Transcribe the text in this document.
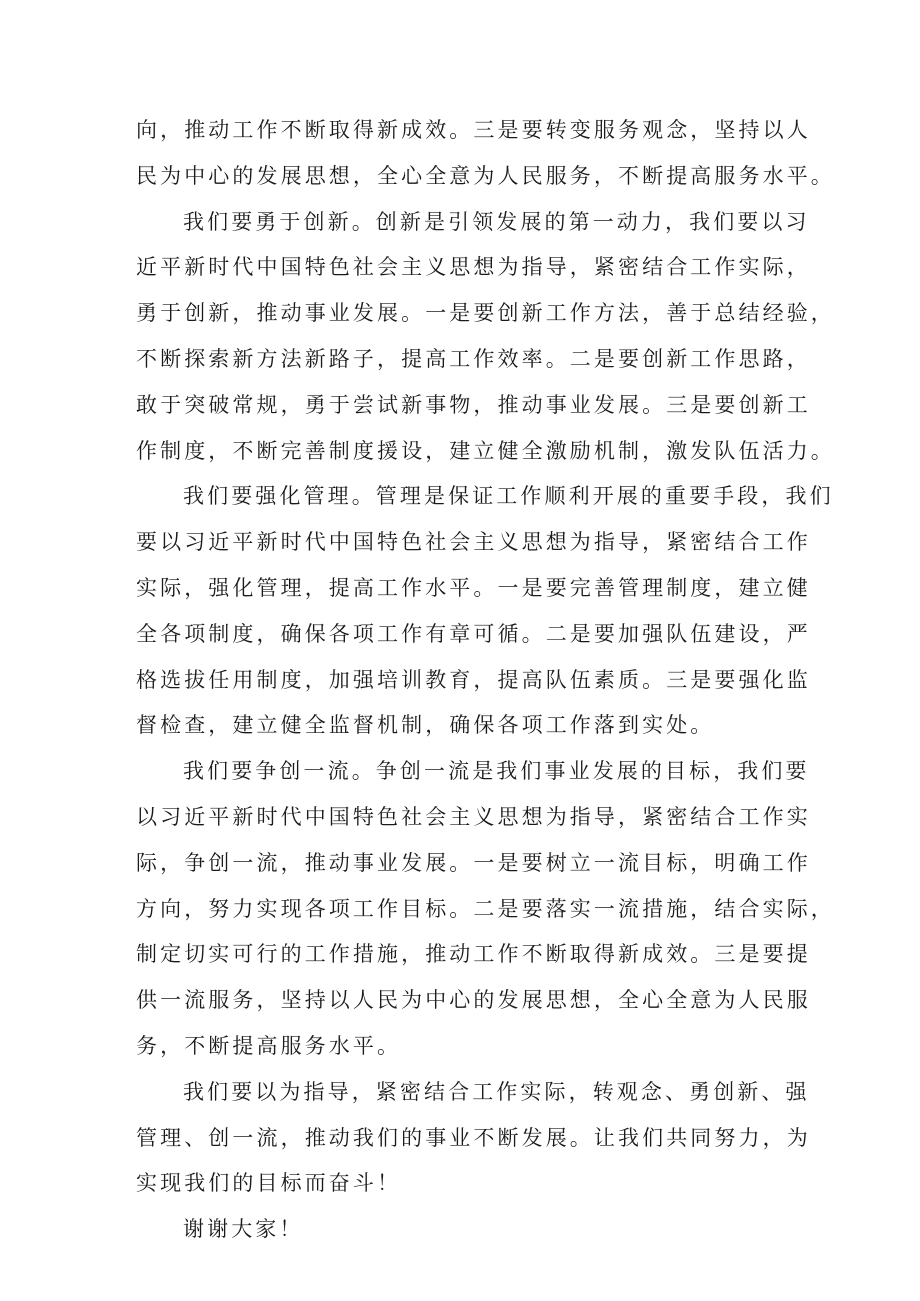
向，推动工作不断取得新成效。三是要转变服务观念，坚持以人
民为中心的发展思想，全心全意为人民服务，不断提高服务水平。
我们要勇于创新。创新是引领发展的第一动力，我们要以习
近平新时代中国特色社会主义思想为指导，紧密结合工作实际，
勇于创新，推动事业发展。一是要创新工作方法，善于总结经验，
不断探索新方法新路子，提高工作效率。二是要创新工作思路，
敢于突破常规，勇于尝试新事物，推动事业发展。三是要创新工
作制度，不断完善制度援设，建立健全激励机制，激发队伍活力。
我们要强化管理。管理是保证工作顺利开展的重要手段，我们
要以习近平新时代中国特色社会主义思想为指导，紧密结合工作
实际，强化管理，提高工作水平。一是要完善管理制度，建立健
全各项制度，确保各项工作有章可循。二是要加强队伍建设，严
格选拔任用制度，加强培训教育，提高队伍素质。三是要强化监
督检查，建立健全监督机制，确保各项工作落到实处。
我们要争创一流。争创一流是我们事业发展的目标，我们要
以习近平新时代中国特色社会主义思想为指导，紧密结合工作实
际，争创一流，推动事业发展。一是要树立一流目标，明确工作
方向，努力实现各项工作目标。二是要落实一流措施，结合实际，
制定切实可行的工作措施，推动工作不断取得新成效。三是要提
供一流服务，坚持以人民为中心的发展思想，全心全意为人民服
务，不断提高服务水平。
我们要以为指导，紧密结合工作实际，转观念、勇创新、强
管理、创一流，推动我们的事业不断发展。让我们共同努力，为
实现我们的目标而奋斗！
谢谢大家！
